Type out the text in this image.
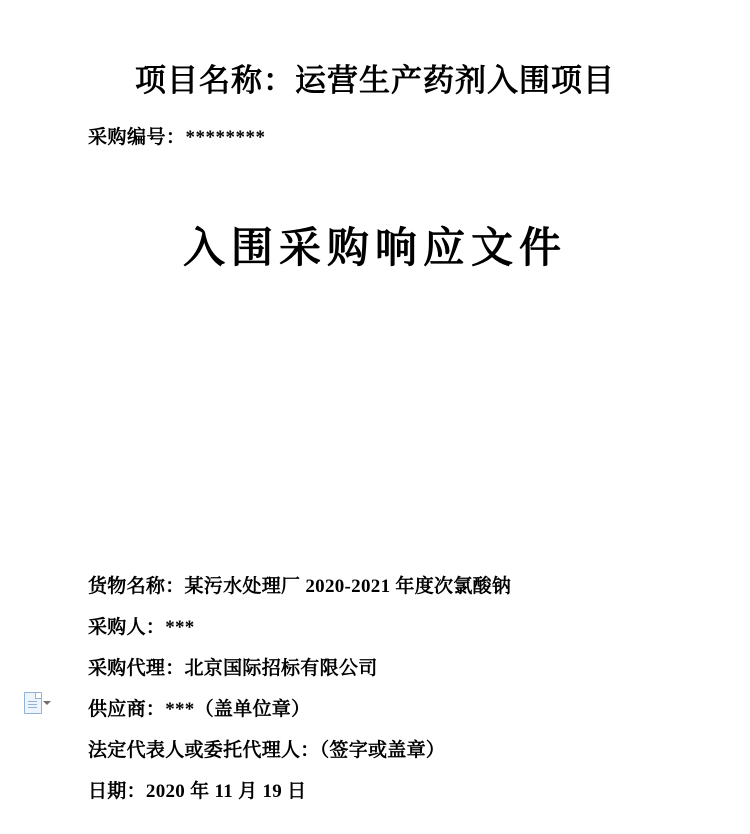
项目名称：运营生产药剂入围项目
采购编号：********
入围采购响应文件
货物名称：某污水处理厂 2020-2021 年度次氯酸钠
采购人：***
采购代理：北京国际招标有限公司
供应商：***（盖单位章）
法定代表人或委托代理人：（签字或盖章）
日期：2020 年 11 月 19 日
